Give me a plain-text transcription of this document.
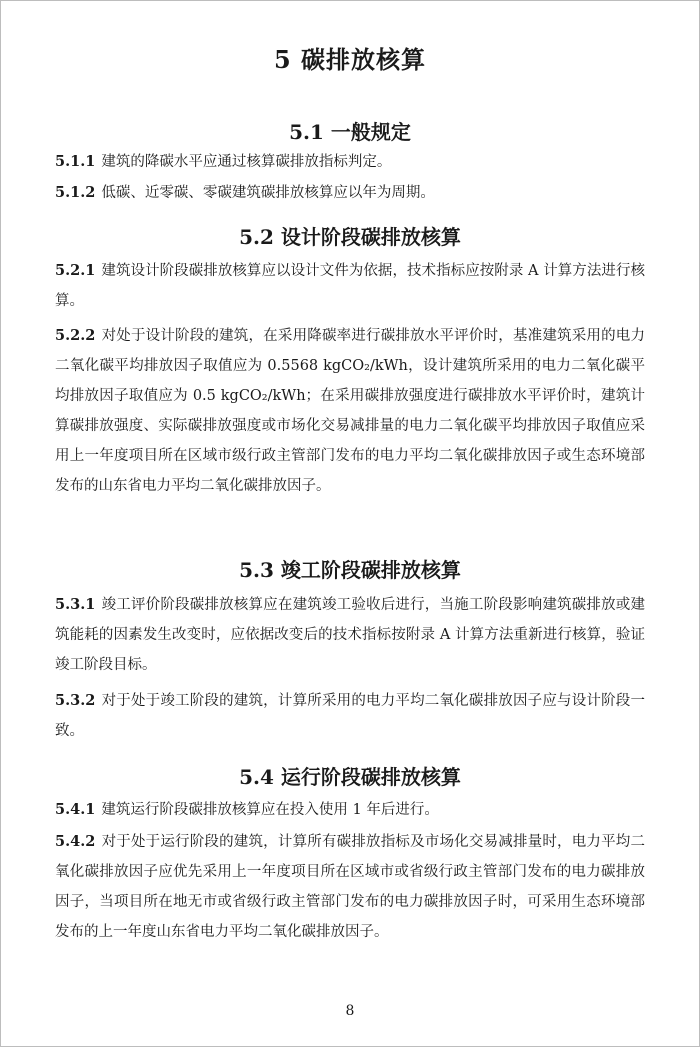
5 碳排放核算
5.1 一般规定

5.1.1 建筑的降碳水平应通过核算碳排放指标判定。

5.1.2 低碳、近零碳、零碳建筑碳排放核算应以年为周期。

5.2 设计阶段碳排放核算

5.2.1 建筑设计阶段碳排放核算应以设计文件为依据，技术指标应按附录 A 计算方法进行核算。

5.2.2 对处于设计阶段的建筑，在采用降碳率进行碳排放水平评价时，基准建筑采用的电力二氧化碳平均排放因子取值应为 0.5568 kgCO₂/kWh，设计建筑所采用的电力二氧化碳平均排放因子取值应为 0.5 kgCO₂/kWh；在采用碳排放强度进行碳排放水平评价时，建筑计算碳排放强度、实际碳排放强度或市场化交易减排量的电力二氧化碳平均排放因子取值应采用上一年度项目所在区域市级行政主管部门发布的电力平均二氧化碳排放因子或生态环境部发布的山东省电力平均二氧化碳排放因子。

5.3 竣工阶段碳排放核算

5.3.1 竣工评价阶段碳排放核算应在建筑竣工验收后进行，当施工阶段影响建筑碳排放或建筑能耗的因素发生改变时，应依据改变后的技术指标按附录 A 计算方法重新进行核算，验证竣工阶段目标。

5.3.2 对于处于竣工阶段的建筑，计算所采用的电力平均二氧化碳排放因子应与设计阶段一致。

5.4 运行阶段碳排放核算

5.4.1 建筑运行阶段碳排放核算应在投入使用 1 年后进行。

5.4.2 对于处于运行阶段的建筑，计算所有碳排放指标及市场化交易减排量时，电力平均二氧化碳排放因子应优先采用上一年度项目所在区域市或省级行政主管部门发布的电力碳排放因子，当项目所在地无市或省级行政主管部门发布的电力碳排放因子时，可采用生态环境部发布的上一年度山东省电力平均二氧化碳排放因子。

8
